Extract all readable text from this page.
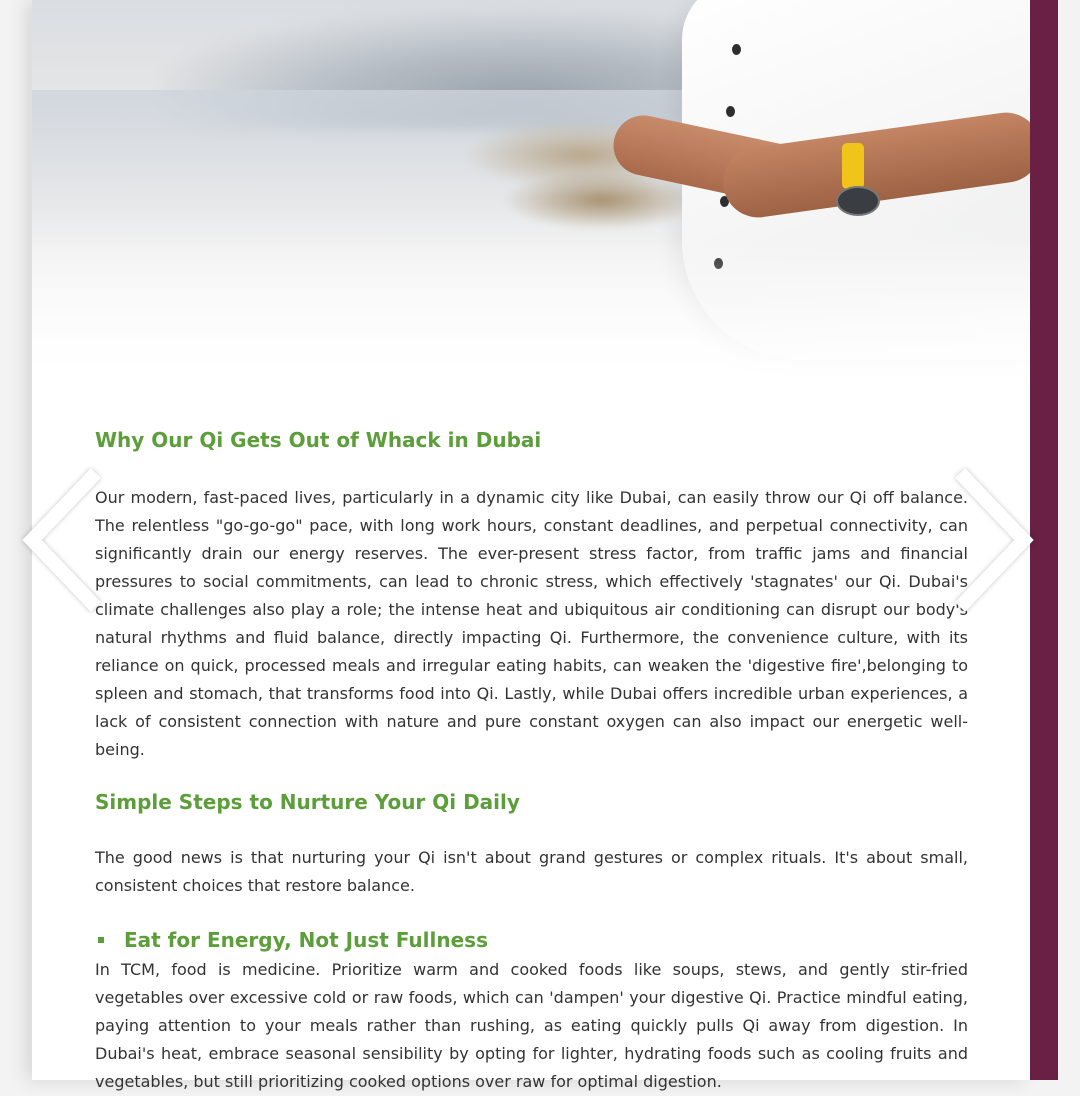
Why Our Qi Gets Out of Whack in Dubai

Our modern, fast-paced lives, particularly in a dynamic city like Dubai, can easily throw our Qi off balance. The relentless "go-go-go" pace, with long work hours, constant deadlines, and perpetual connectivity, can significantly drain our energy reserves. The ever-present stress factor, from traffic jams and financial pressures to social commitments, can lead to chronic stress, which effectively 'stagnates' our Qi. Dubai's climate challenges also play a role; the intense heat and ubiquitous air conditioning can disrupt our body's natural rhythms and fluid balance, directly impacting Qi. Furthermore, the convenience culture, with its reliance on quick, processed meals and irregular eating habits, can weaken the 'digestive fire',belonging to spleen and stomach, that transforms food into Qi. Lastly, while Dubai offers incredible urban experiences, a lack of consistent connection with nature and pure constant oxygen can also impact our energetic well-being.

Simple Steps to Nurture Your Qi Daily

The good news is that nurturing your Qi isn't about grand gestures or complex rituals. It's about small, consistent choices that restore balance.

Eat for Energy, Not Just Fullness

In TCM, food is medicine. Prioritize warm and cooked foods like soups, stews, and gently stir-fried vegetables over excessive cold or raw foods, which can 'dampen' your digestive Qi. Practice mindful eating, paying attention to your meals rather than rushing, as eating quickly pulls Qi away from digestion. In Dubai's heat, embrace seasonal sensibility by opting for lighter, hydrating foods such as cooling fruits and vegetables, but still prioritizing cooked options over raw for optimal digestion.
